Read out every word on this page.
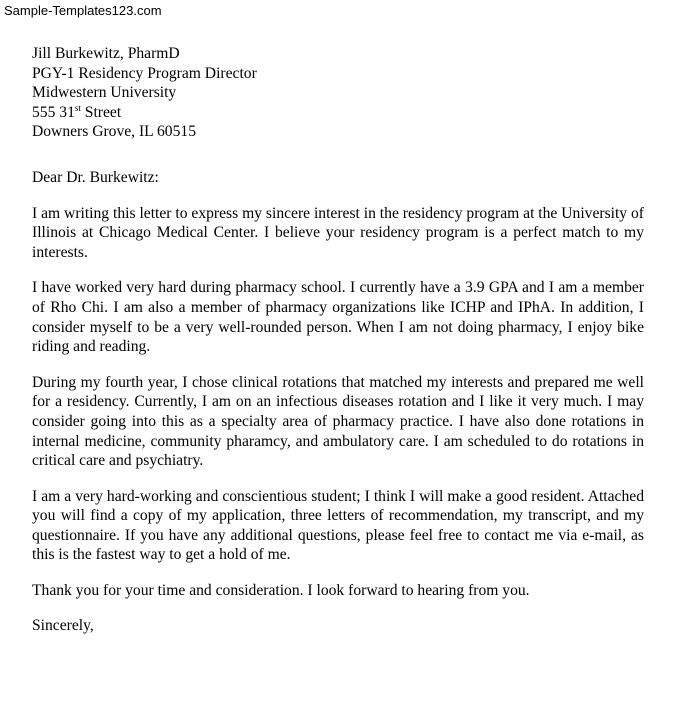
Sample-Templates123.com
Jill Burkewitz, PharmD
PGY-1 Residency Program Director
Midwestern University
555 31st Street
Downers Grove, IL 60515
Dear Dr. Burkewitz:

I am writing this letter to express my sincere interest in the residency program at the University of Illinois at Chicago Medical Center. I believe your residency program is a perfect match to my interests.

I have worked very hard during pharmacy school. I currently have a 3.9 GPA and I am a member of Rho Chi. I am also a member of pharmacy organizations like ICHP and IPhA. In addition, I consider myself to be a very well-rounded person. When I am not doing pharmacy, I enjoy bike riding and reading.

During my fourth year, I chose clinical rotations that matched my interests and prepared me well for a residency. Currently, I am on an infectious diseases rotation and I like it very much. I may consider going into this as a specialty area of pharmacy practice. I have also done rotations in internal medicine, community pharamcy, and ambulatory care. I am scheduled to do rotations in critical care and psychiatry.

I am a very hard-working and conscientious student; I think I will make a good resident. Attached you will find a copy of my application, three letters of recommendation, my transcript, and my questionnaire. If you have any additional questions, please feel free to contact me via e-mail, as this is the fastest way to get a hold of me.

Thank you for your time and consideration. I look forward to hearing from you.

Sincerely,
